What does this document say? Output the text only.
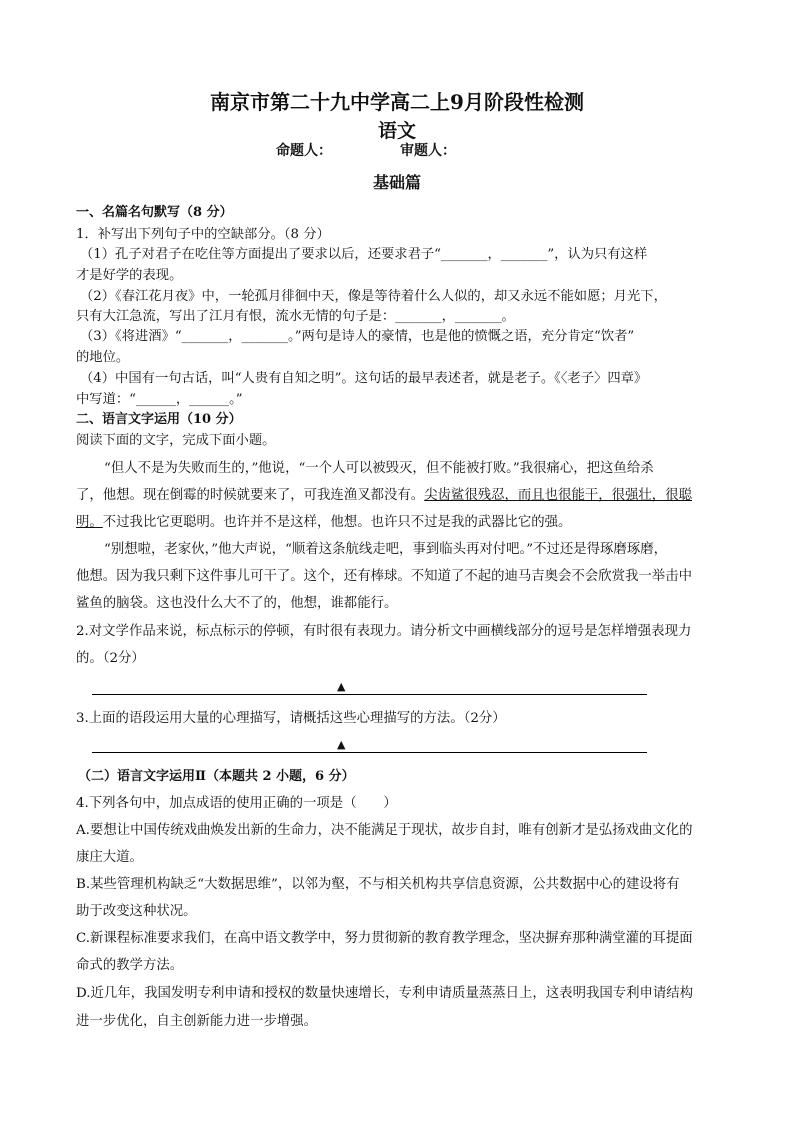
南京市第二十九中学高二上9月阶段性检测
语文
命题人：	审题人：
基础篇
一、名篇名句默写（8 分）
1．补写出下列句子中的空缺部分。（8 分）
（1）孔子对君子在吃住等方面提出了要求以后，还要求君子“_______，_______”，认为只有这样
才是好学的表现。
（2）《春江花月夜》中，一轮孤月徘徊中天，像是等待着什么人似的，却又永远不能如愿；月光下，
只有大江急流，写出了江月有恨，流水无情的句子是：_______，_______。
（3）《将进酒》“_______，_______。”两句是诗人的豪情，也是他的愤慨之语，充分肯定“饮者”
的地位。
（4）中国有一句古话，叫“人贵有自知之明”。这句话的最早表述者，就是老子。《〈老子〉四章》
中写道：“______，______。”
二、语言文字运用（10 分）
阅读下面的文字，完成下面小题。
“但人不是为失败而生的，”他说，“一个人可以被毁灭，但不能被打败。”我很痛心，把这鱼给杀
了，他想。现在倒霉的时候就要来了，可我连渔叉都没有。尖齿鲨很残忍，而且也很能干，很强壮，很聪
明。不过我比它更聪明。也许并不是这样，他想。也许只不过是我的武器比它的强。
“别想啦，老家伙，”他大声说，“顺着这条航线走吧，事到临头再对付吧。”不过还是得琢磨琢磨，
他想。因为我只剩下这件事儿可干了。这个，还有棒球。不知道了不起的迪马吉奥会不会欣赏我一举击中
鲨鱼的脑袋。这也没什么大不了的，他想，谁都能行。
2.对文学作品来说，标点标示的停顿，有时很有表现力。请分析文中画横线部分的逗号是怎样增强表现力
的。（2分）
▲
3.上面的语段运用大量的心理描写，请概括这些心理描写的方法。（2分）
▲
（二）语言文字运用Ⅱ（本题共 2 小题，6 分）
4.下列各句中，加点成语的使用正确的一项是（　　）
A.要想让中国传统戏曲焕发出新的生命力，决不能满足于现状，故步自封，唯有创新才是弘扬戏曲文化的
康庄大道。
B.某些管理机构缺乏“大数据思维”，以邻为壑，不与相关机构共享信息资源，公共数据中心的建设将有
助于改变这种状况。
C.新课程标准要求我们，在高中语文教学中，努力贯彻新的教育教学理念，坚决摒弃那种满堂灌的耳提面
命式的教学方法。
D.近几年，我国发明专利申请和授权的数量快速增长，专利申请质量蒸蒸日上，这表明我国专利申请结构
进一步优化，自主创新能力进一步增强。
